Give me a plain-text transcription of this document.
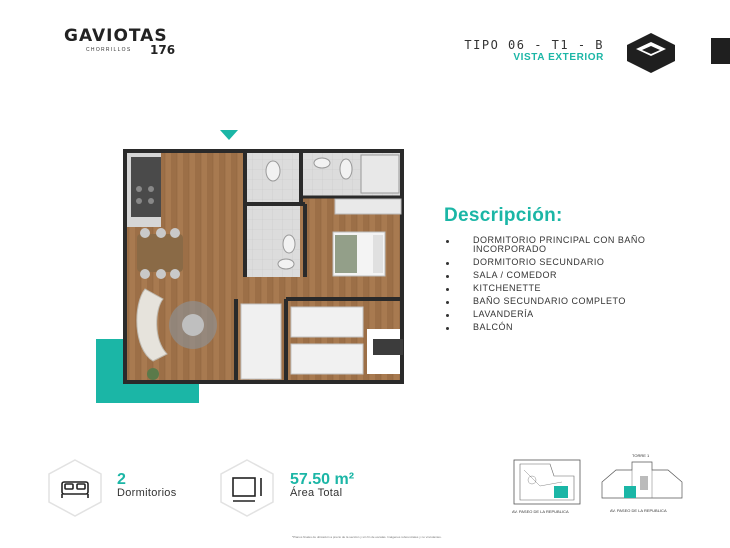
GAVIOTAS
CHORRILLOS 176	TIPO 06 - T1 - B
VISTA EXTERIOR
Descripción:
DORMITORIO PRINCIPAL CON BAÑO INCORPORADO
DORMITORIO SECUNDARIO
SALA / COMEDOR
KITCHENETTE
BAÑO SECUNDARIO COMPLETO
LAVANDERÍA
BALCÓN
2
Dormitorios
57.50 m²
Área Total
AV. PASEO DE LA REPUBLICA
TORRE 1
AV. PASEO DE LA REPUBLICA
*Planos finales de ubicación a precio de la sección y sin fin de escalas. Imágenes referenciales y no vinculantes.
